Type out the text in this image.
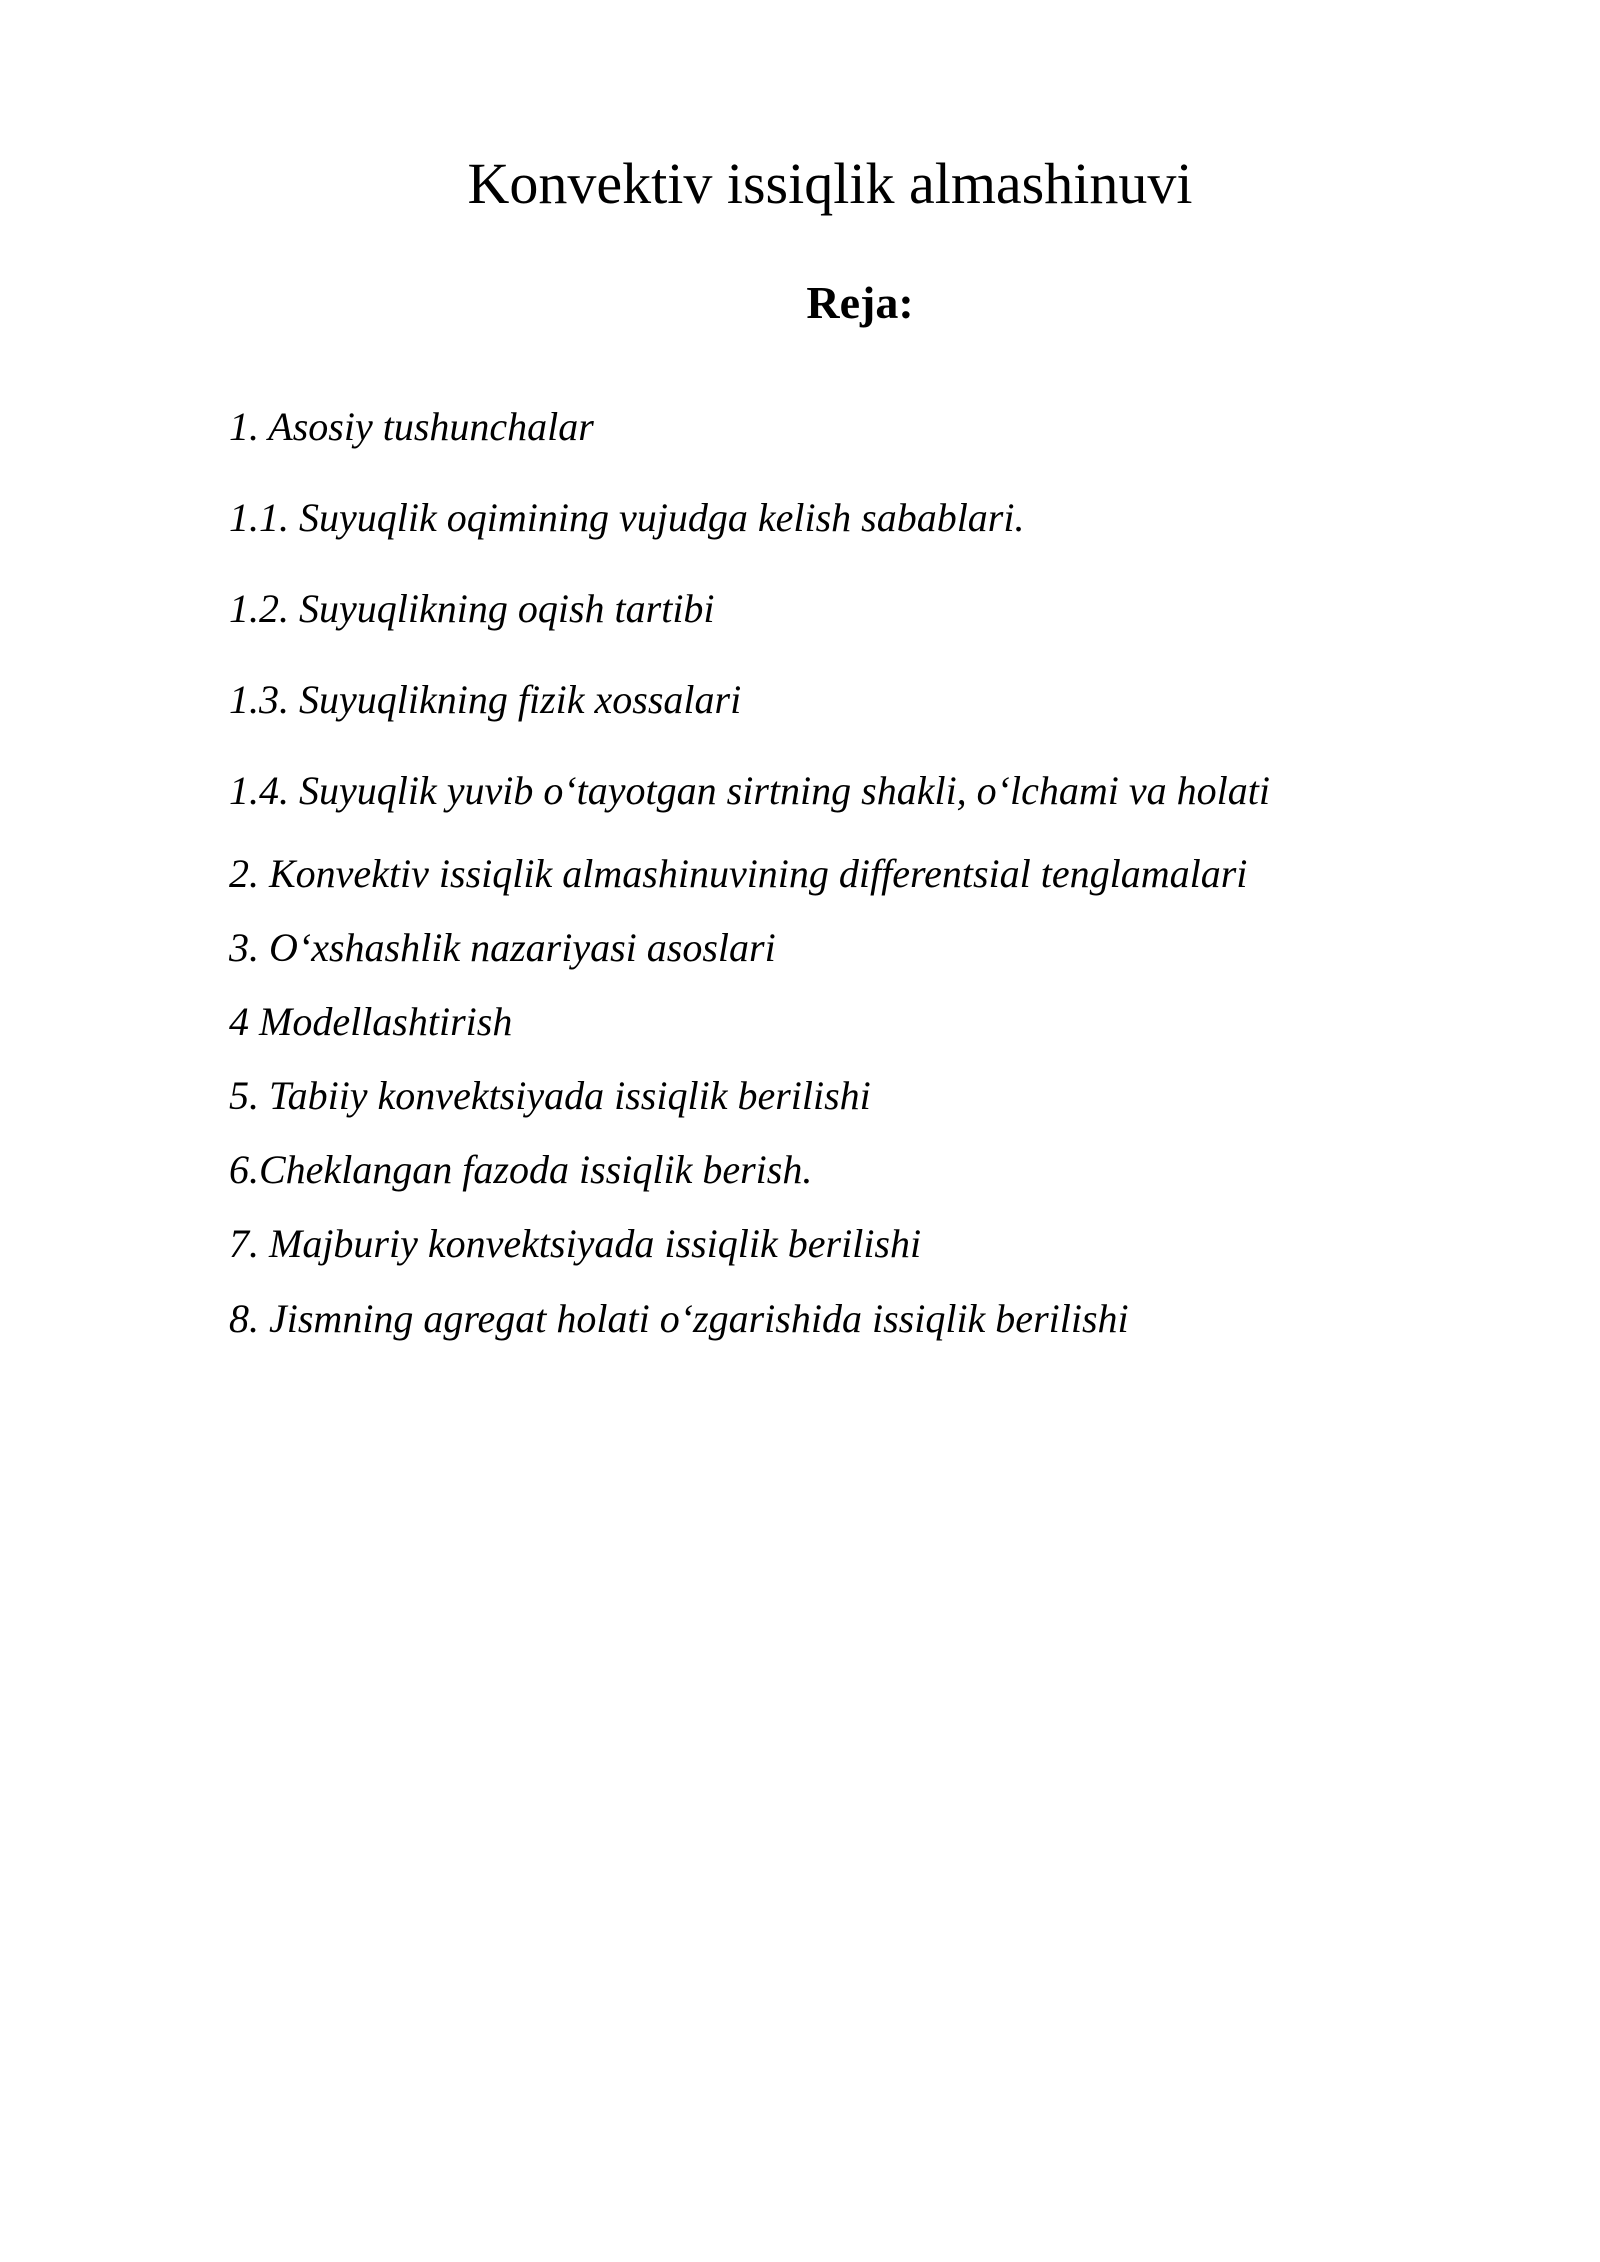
Konvektiv issiqlik almashinuvi
Reja:
1. Asosiy tushunchalar
1.1. Suyuqlik oqimining vujudga kelish sabablari.
1.2. Suyuqlikning oqish tartibi
1.3. Suyuqlikning fizik xossalari
1.4. Suyuqlik yuvib o‘tayotgan sirtning shakli, o‘lchami va holati
2. Konvektiv issiqlik almashinuvining differentsial tenglamalari
3. O‘xshashlik nazariyasi asoslari
4 Modellashtirish
5. Tabiiy konvektsiyada issiqlik berilishi
6.Cheklangan fazoda issiqlik berish.
7. Majburiy konvektsiyada issiqlik berilishi
8. Jismning agregat holati o‘zgarishida issiqlik berilishi
